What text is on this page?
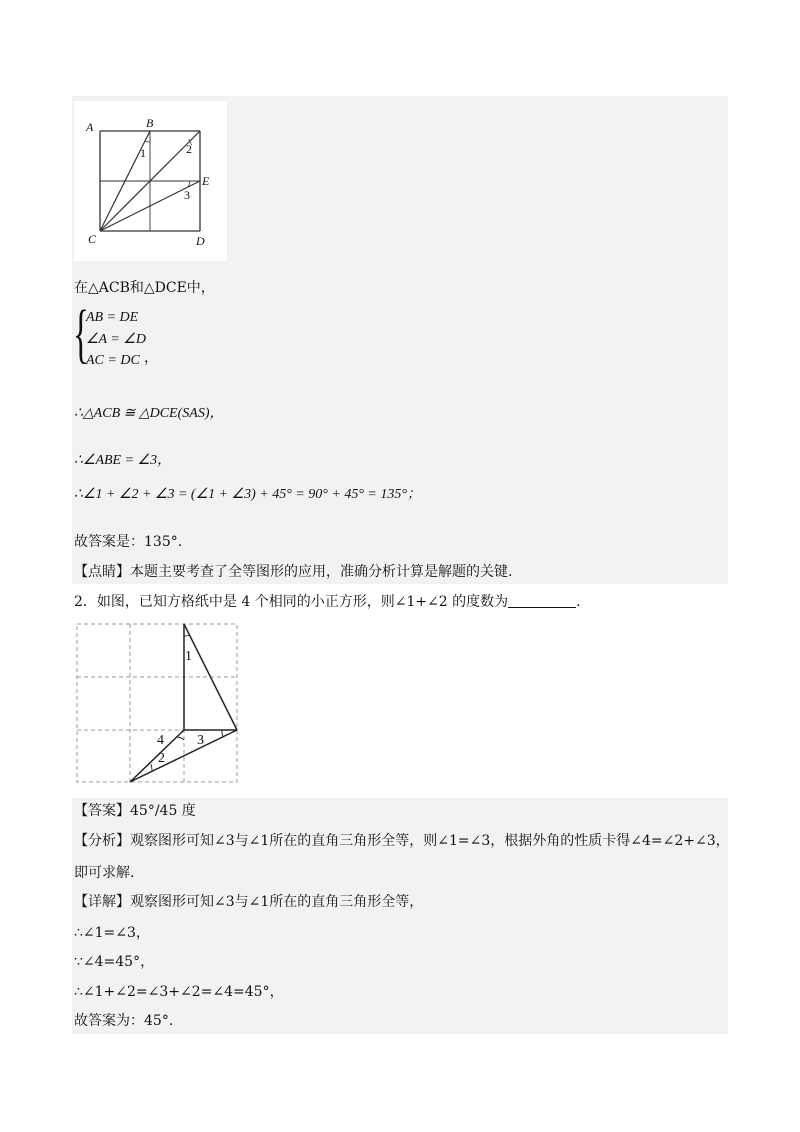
A	B
C	D
E
1	2
3
在△ACB和△DCE中，
{
AB = DE
∠A = ∠D
AC = DC ，
∴△ACB ≅ △DCE(SAS)，
∴∠ABE = ∠3，
∴∠1 + ∠2 + ∠3 = (∠1 + ∠3) + 45° = 90° + 45° = 135°；
故答案是：135°.
【点睛】本题主要考查了全等图形的应用，准确分析计算是解题的关键.
2．如图，已知方格纸中是 4 个相同的小正方形，则∠1+∠2 的度数为	.
1
2
3
4
【答案】45°/45 度
【分析】观察图形可知∠3与∠1所在的直角三角形全等，则∠1=∠3，根据外角的性质卡得∠4=∠2+∠3，
即可求解.
【详解】观察图形可知∠3与∠1所在的直角三角形全等，
∴∠1=∠3，
∵∠4=45°，
∴∠1+∠2=∠3+∠2=∠4=45°，
故答案为：45°.
